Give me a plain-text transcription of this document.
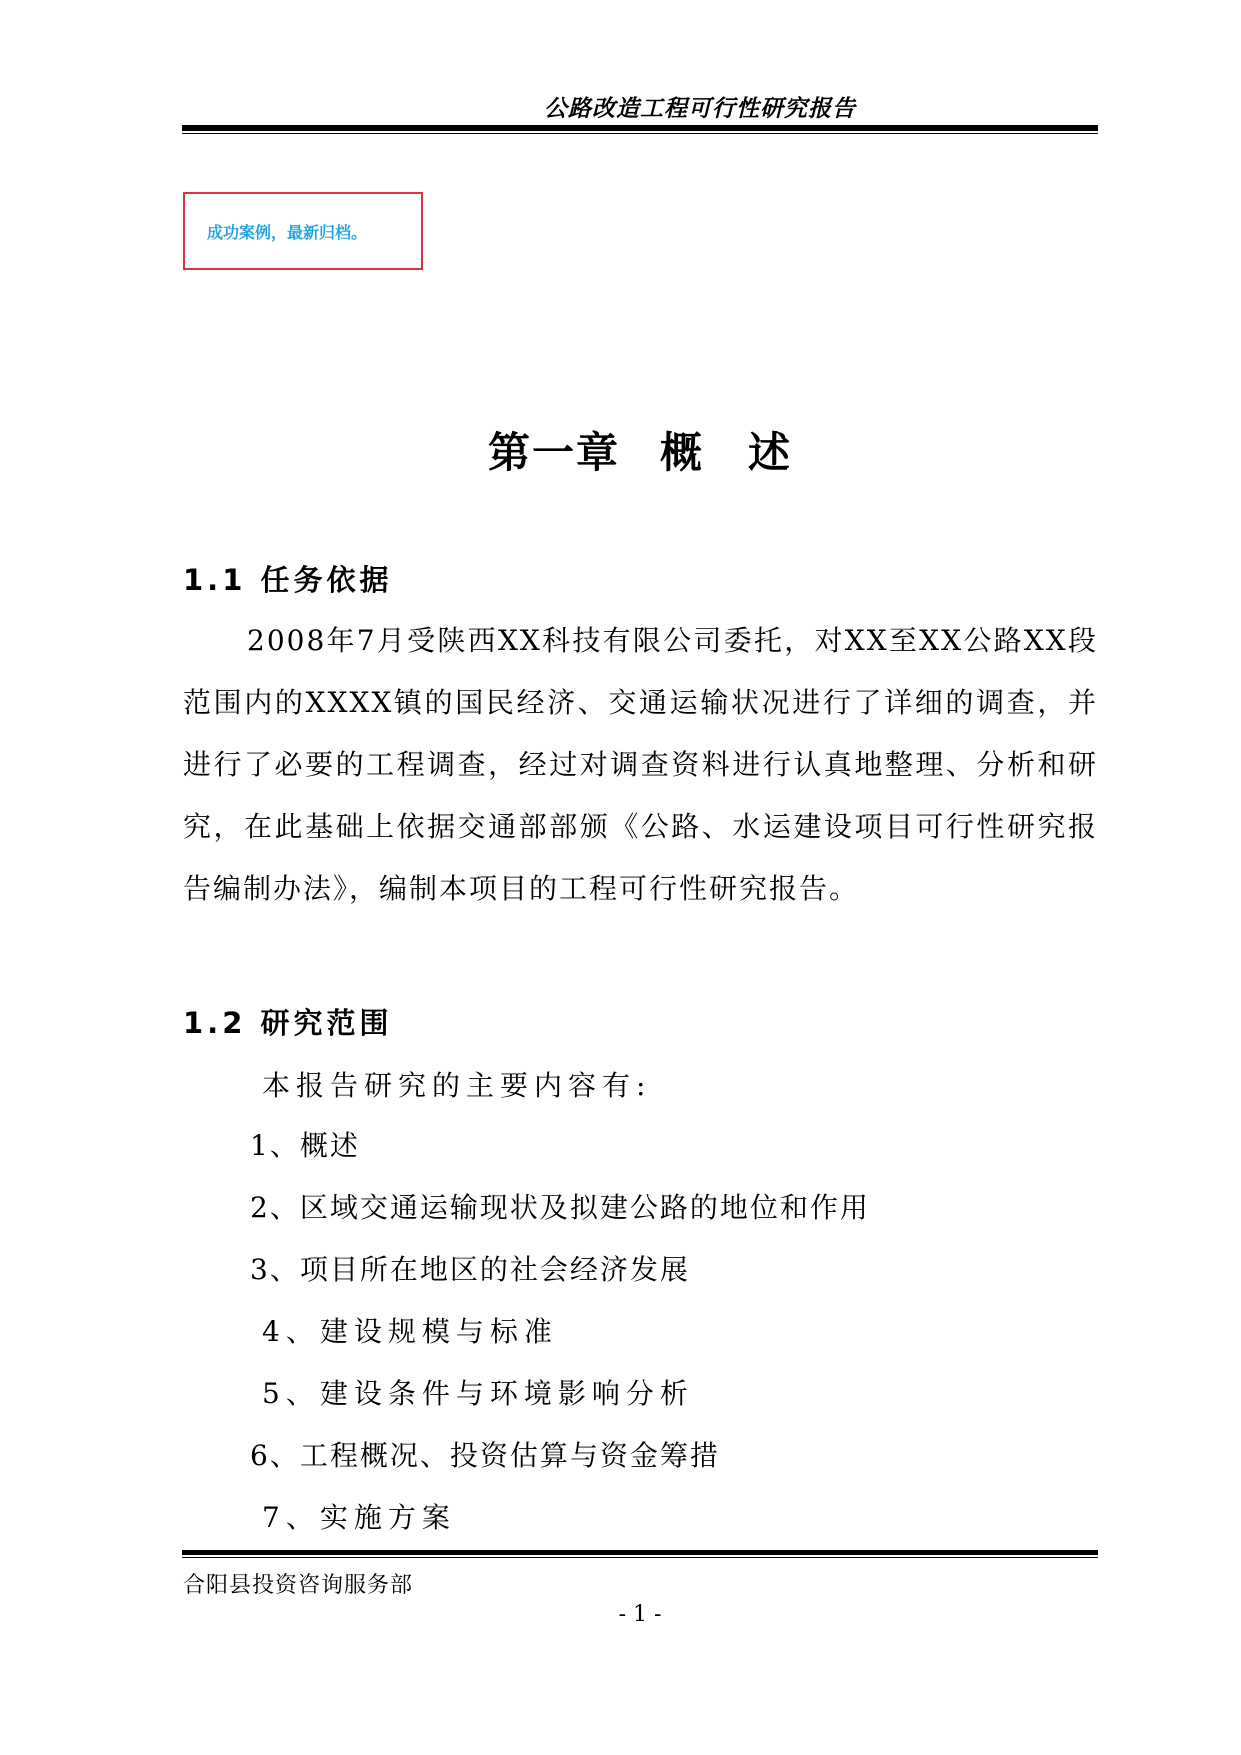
公路改造工程可行性研究报告
成功案例，最新归档。
第一章 概　述
1.1 任务依据
2008年7月受陕西XX科技有限公司委托，对XX至XX公路XX段范围内的XXXX镇的国民经济、交通运输状况进行了详细的调查，并进行了必要的工程调查，经过对调查资料进行认真地整理、分析和研究，在此基础上依据交通部部颁《公路、水运建设项目可行性研究报告编制办法》，编制本项目的工程可行性研究报告。
1.2 研究范围
本报告研究的主要内容有:
1、概述
2、区域交通运输现状及拟建公路的地位和作用
3、项目所在地区的社会经济发展
4、建设规模与标准
5、建设条件与环境影响分析
6、工程概况、投资估算与资金筹措
7、实施方案
合阳县投资咨询服务部
- 1 -
